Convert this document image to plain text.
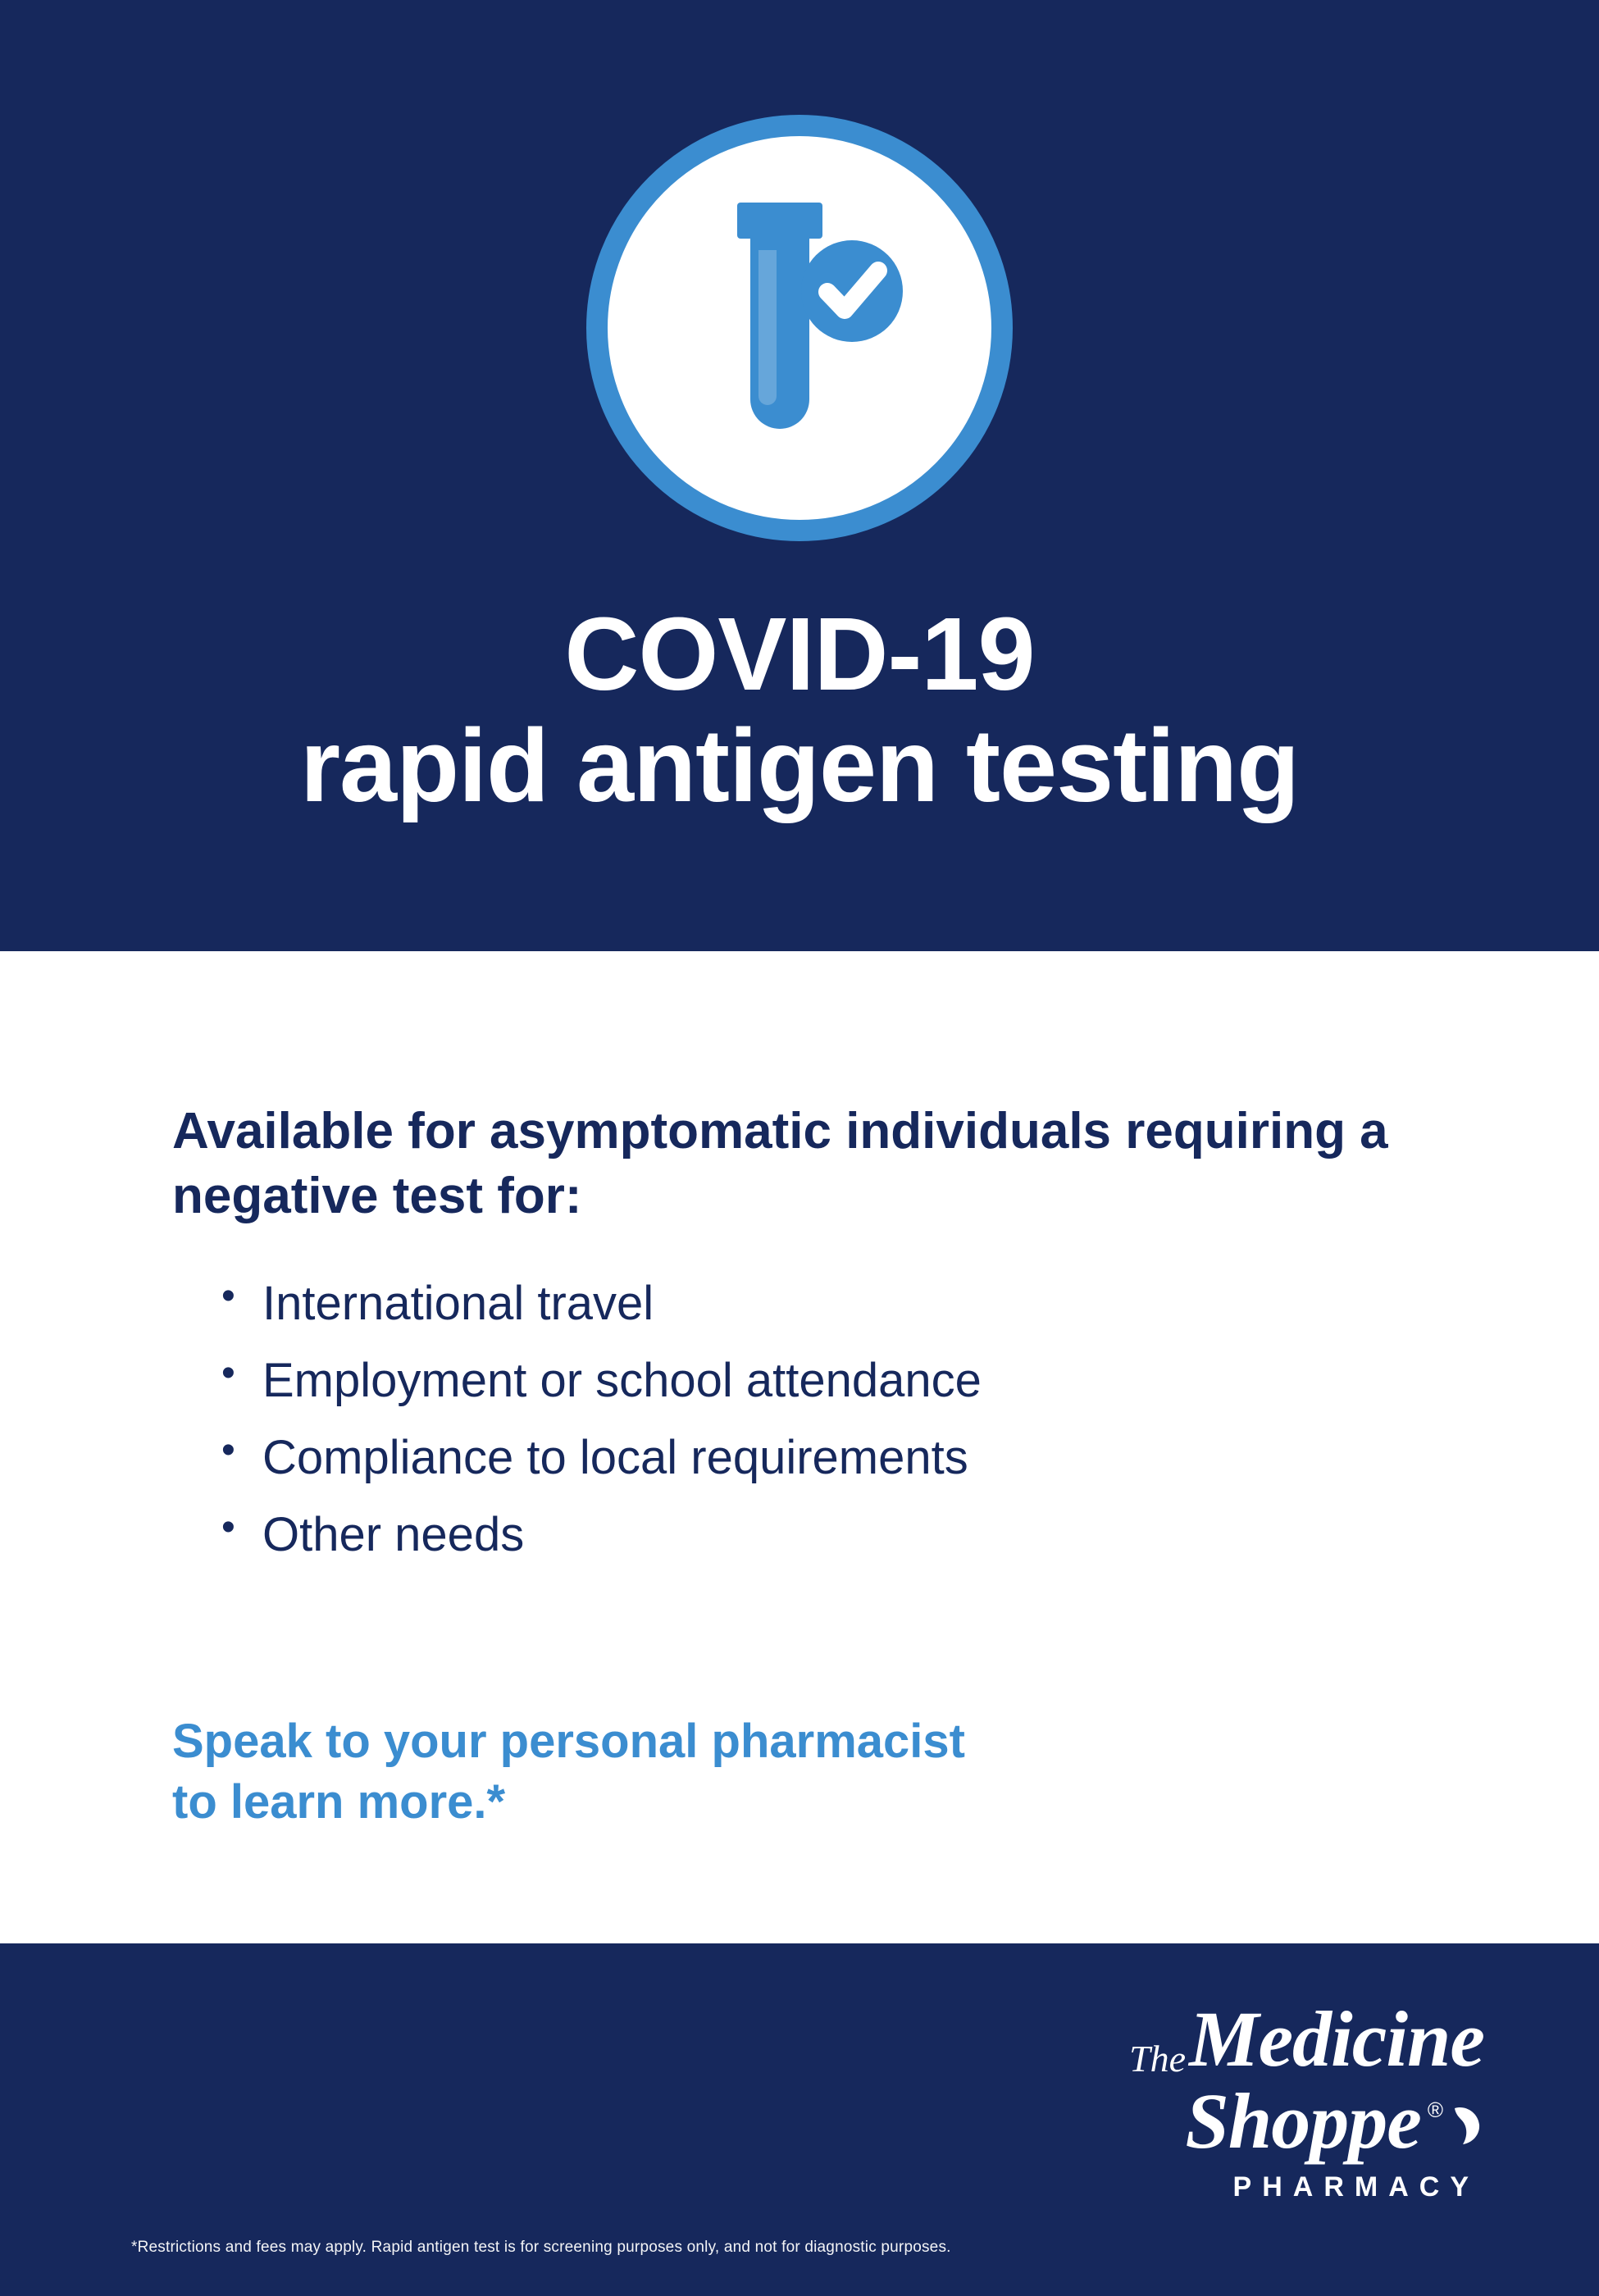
COVID-19
rapid antigen testing

Available for asymptomatic individuals requiring a negative test for:

• International travel
• Employment or school attendance
• Compliance to local requirements
• Other needs
Speak to your personal pharmacist
to learn more.*
The Medicine
Shoppe ®
PHARMACY
*Restrictions and fees may apply. Rapid antigen test is for screening purposes only, and not for diagnostic purposes.
